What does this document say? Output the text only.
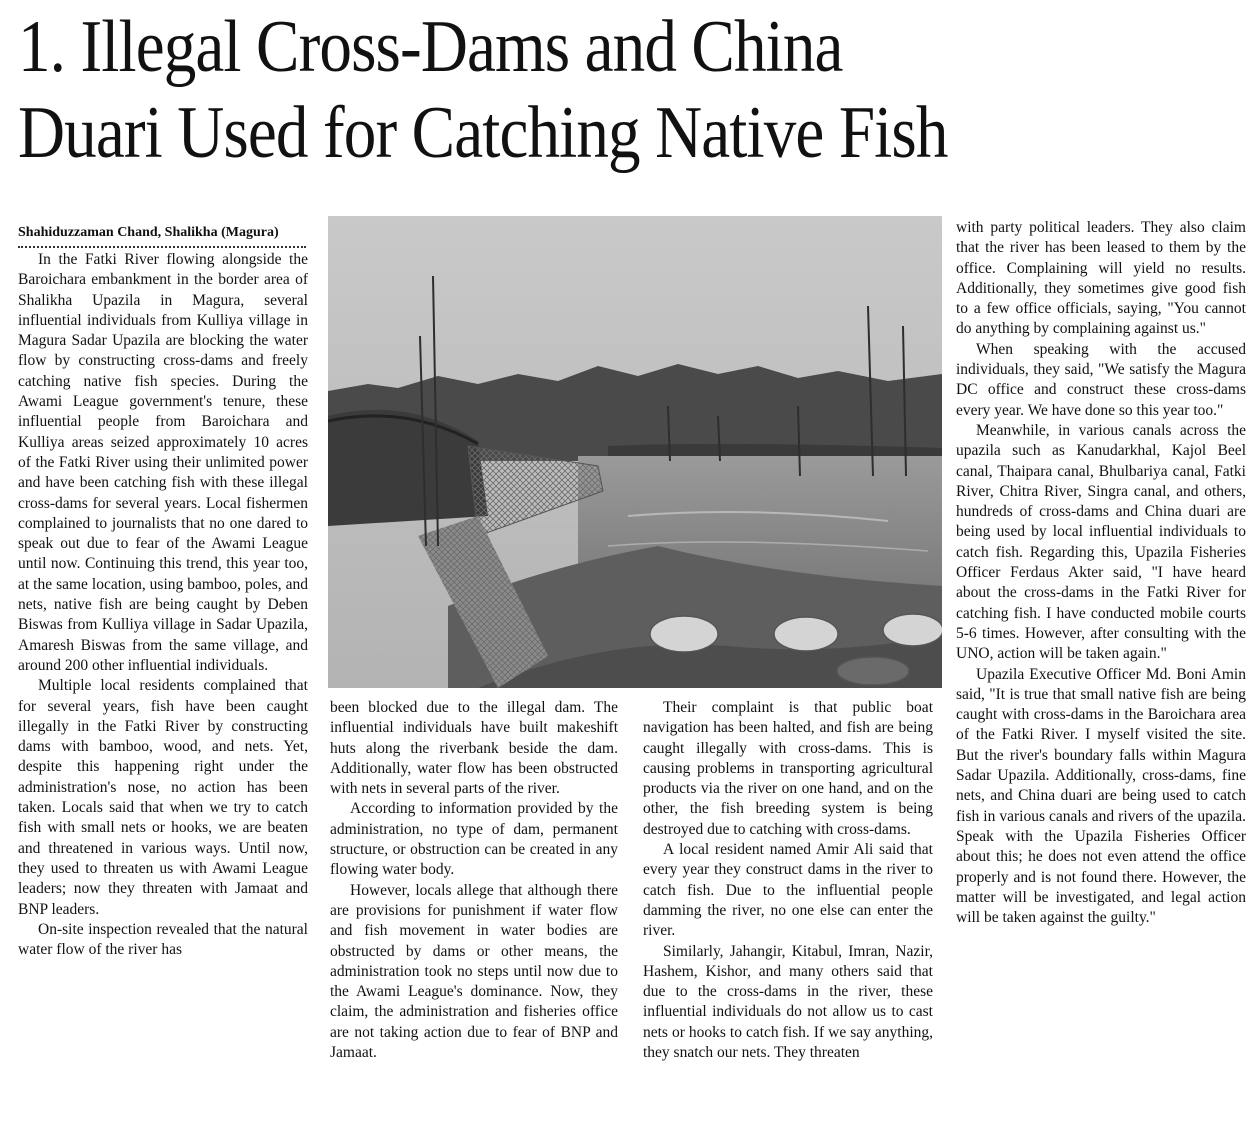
1. Illegal Cross-Dams and China
Duari Used for Catching Native Fish
Shahiduzzaman Chand, Shalikha (Magura)

In the Fatki River flowing alongside the Baroichara embankment in the border area of Shalikha Upazila in Magura, several influential individuals from Kulliya village in Magura Sadar Upazila are blocking the water flow by constructing cross-dams and freely catching native fish species. During the Awami League government's tenure, these influential people from Baroichara and Kulliya areas seized approximately 10 acres of the Fatki River using their unlimited power and have been catching fish with these illegal cross-dams for several years. Local fishermen complained to journalists that no one dared to speak out due to fear of the Awami League until now. Continuing this trend, this year too, at the same location, using bamboo, poles, and nets, native fish are being caught by Deben Biswas from Kulliya village in Sadar Upazila, Amaresh Biswas from the same village, and around 200 other influential individuals.

Multiple local residents complained that for several years, fish have been caught illegally in the Fatki River by constructing dams with bamboo, wood, and nets. Yet, despite this happening right under the administration's nose, no action has been taken. Locals said that when we try to catch fish with small nets or hooks, we are beaten and threatened in various ways. Until now, they used to threaten us with Awami League leaders; now they threaten with Jamaat and BNP leaders.

On-site inspection revealed that the natural water flow of the river has

been blocked due to the illegal dam. The influential individuals have built makeshift huts along the riverbank beside the dam. Additionally, water flow has been obstructed with nets in several parts of the river.

According to information provided by the administration, no type of dam, permanent structure, or obstruction can be created in any flowing water body.

However, locals allege that although there are provisions for punishment if water flow and fish movement in water bodies are obstructed by dams or other means, the administration took no steps until now due to the Awami League's dominance. Now, they claim, the administration and fisheries office are not taking action due to fear of BNP and Jamaat.

Their complaint is that public boat navigation has been halted, and fish are being caught illegally with cross-dams. This is causing problems in transporting agricultural products via the river on one hand, and on the other, the fish breeding system is being destroyed due to catching with cross-dams.

A local resident named Amir Ali said that every year they construct dams in the river to catch fish. Due to the influential people damming the river, no one else can enter the river.

Similarly, Jahangir, Kitabul, Imran, Nazir, Hashem, Kishor, and many others said that due to the cross-dams in the river, these influential individuals do not allow us to cast nets or hooks to catch fish. If we say anything, they snatch our nets. They threaten

with party political leaders. They also claim that the river has been leased to them by the office. Complaining will yield no results. Additionally, they sometimes give good fish to a few office officials, saying, "You cannot do anything by complaining against us."

When speaking with the accused individuals, they said, "We satisfy the Magura DC office and construct these cross-dams every year. We have done so this year too."

Meanwhile, in various canals across the upazila such as Kanudarkhal, Kajol Beel canal, Thaipara canal, Bhulbariya canal, Fatki River, Chitra River, Singra canal, and others, hundreds of cross-dams and China duari are being used by local influential individuals to catch fish. Regarding this, Upazila Fisheries Officer Ferdaus Akter said, "I have heard about the cross-dams in the Fatki River for catching fish. I have conducted mobile courts 5-6 times. However, after consulting with the UNO, action will be taken again."

Upazila Executive Officer Md. Boni Amin said, "It is true that small native fish are being caught with cross-dams in the Baroichara area of the Fatki River. I myself visited the site. But the river's boundary falls within Magura Sadar Upazila. Additionally, cross-dams, fine nets, and China duari are being used to catch fish in various canals and rivers of the upazila. Speak with the Upazila Fisheries Officer about this; he does not even attend the office properly and is not found there. However, the matter will be investigated, and legal action will be taken against the guilty."
